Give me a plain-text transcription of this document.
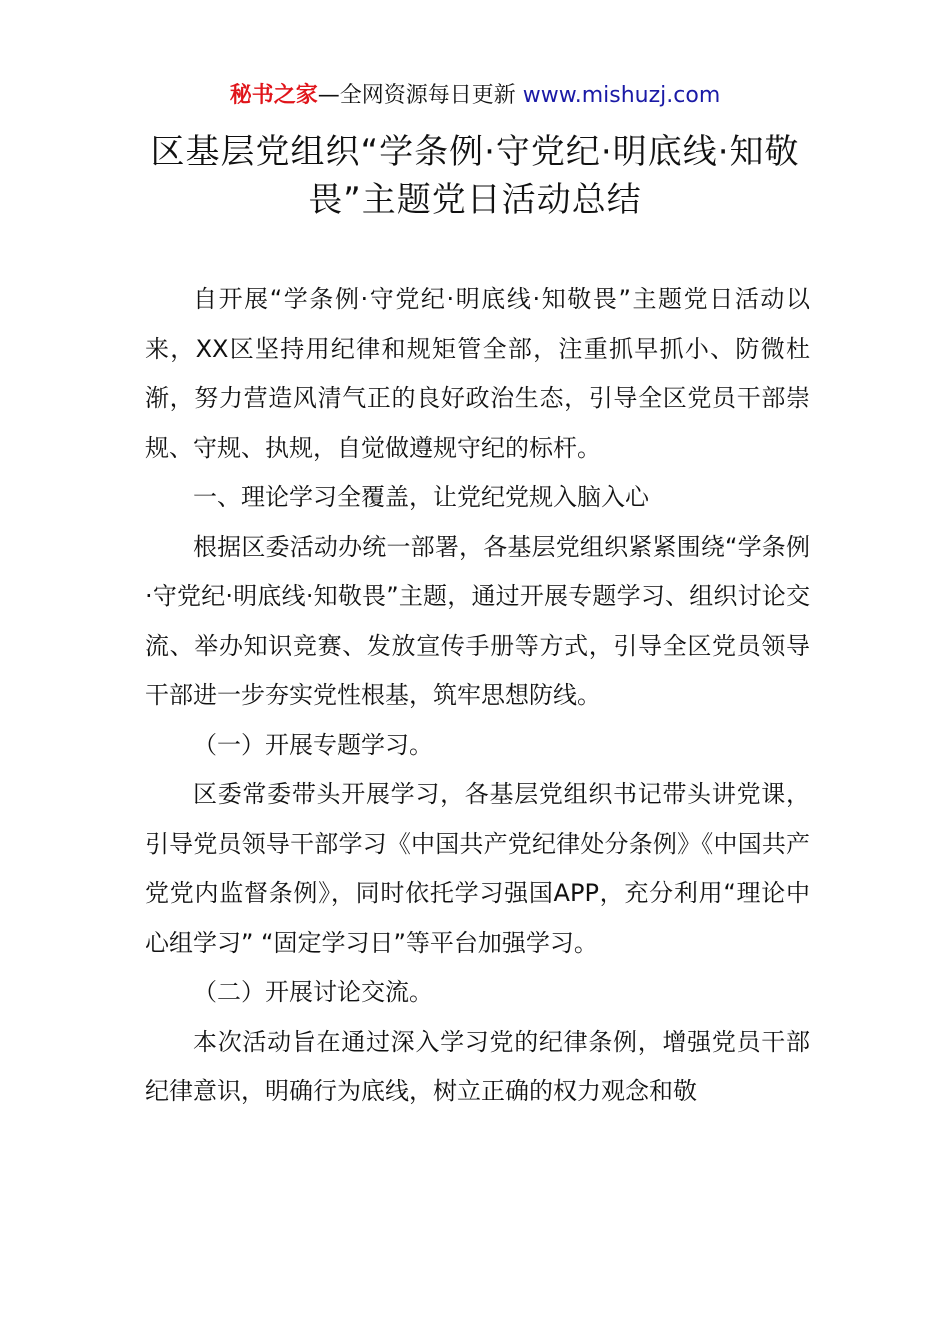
秘书之家—全网资源每日更新 www.mishuzj.com
区基层党组织“学条例·守党纪·明底线·知敬畏”主题党日活动总结

自开展“学条例·守党纪·明底线·知敬畏”主题党日活动以来，XX区坚持用纪律和规矩管全部，注重抓早抓小、防微杜渐，努力营造风清气正的良好政治生态，引导全区党员干部崇规、守规、执规，自觉做遵规守纪的标杆。

一、理论学习全覆盖，让党纪党规入脑入心

根据区委活动办统一部署，各基层党组织紧紧围绕“学条例·守党纪·明底线·知敬畏”主题，通过开展专题学习、组织讨论交流、举办知识竞赛、发放宣传手册等方式，引导全区党员领导干部进一步夯实党性根基，筑牢思想防线。

（一）开展专题学习。

区委常委带头开展学习，各基层党组织书记带头讲党课，引导党员领导干部学习《中国共产党纪律处分条例》《中国共产党党内监督条例》，同时依托学习强国APP，充分利用“理论中心组学习” “固定学习日”等平台加强学习。

（二）开展讨论交流。

本次活动旨在通过深入学习党的纪律条例，增强党员干部纪律意识，明确行为底线，树立正确的权力观念和敬
